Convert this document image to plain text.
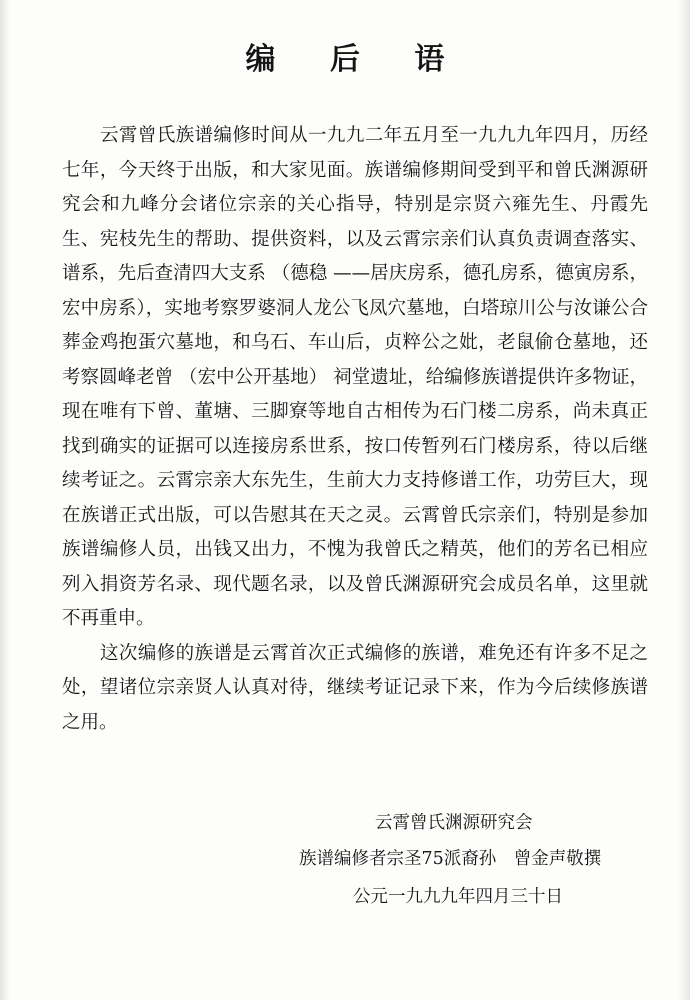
编 后 语

云霄曾氏族谱编修时间从一九九二年五月至一九九九年四月，历经七年，今天终于出版，和大家见面。族谱编修期间受到平和曾氏渊源研究会和九峰分会诸位宗亲的关心指导，特别是宗贤六雍先生、丹霞先生、宪枝先生的帮助、提供资料，以及云霄宗亲们认真负责调查落实、谱系，先后查清四大支系 （德稳 ——居庆房系，德孔房系，德寅房系，宏中房系），实地考察罗婆洞人龙公飞凤穴墓地，白塔琼川公与汝谦公合葬金鸡抱蛋穴墓地，和乌石、车山后，贞粹公之妣，老鼠偷仓墓地，还考察圆峰老曾 （宏中公开基地） 祠堂遗址，给编修族谱提供许多物证，现在唯有下曾、董塘、三脚寮等地自古相传为石门楼二房系，尚未真正找到确实的证据可以连接房系世系，按口传暂列石门楼房系，待以后继续考证之。云霄宗亲大东先生，生前大力支持修谱工作，功劳巨大，现在族谱正式出版，可以告慰其在天之灵。云霄曾氏宗亲们，特别是参加族谱编修人员，出钱又出力，不愧为我曾氏之精英，他们的芳名已相应列入捐资芳名录、现代题名录，以及曾氏渊源研究会成员名单，这里就不再重申。

这次编修的族谱是云霄首次正式编修的族谱，难免还有许多不足之处，望诸位宗亲贤人认真对待，继续考证记录下来，作为今后续修族谱之用。

云霄曾氏渊源研究会
族谱编修者宗圣75派裔孙　曾金声敬撰
公元一九九九年四月三十日
